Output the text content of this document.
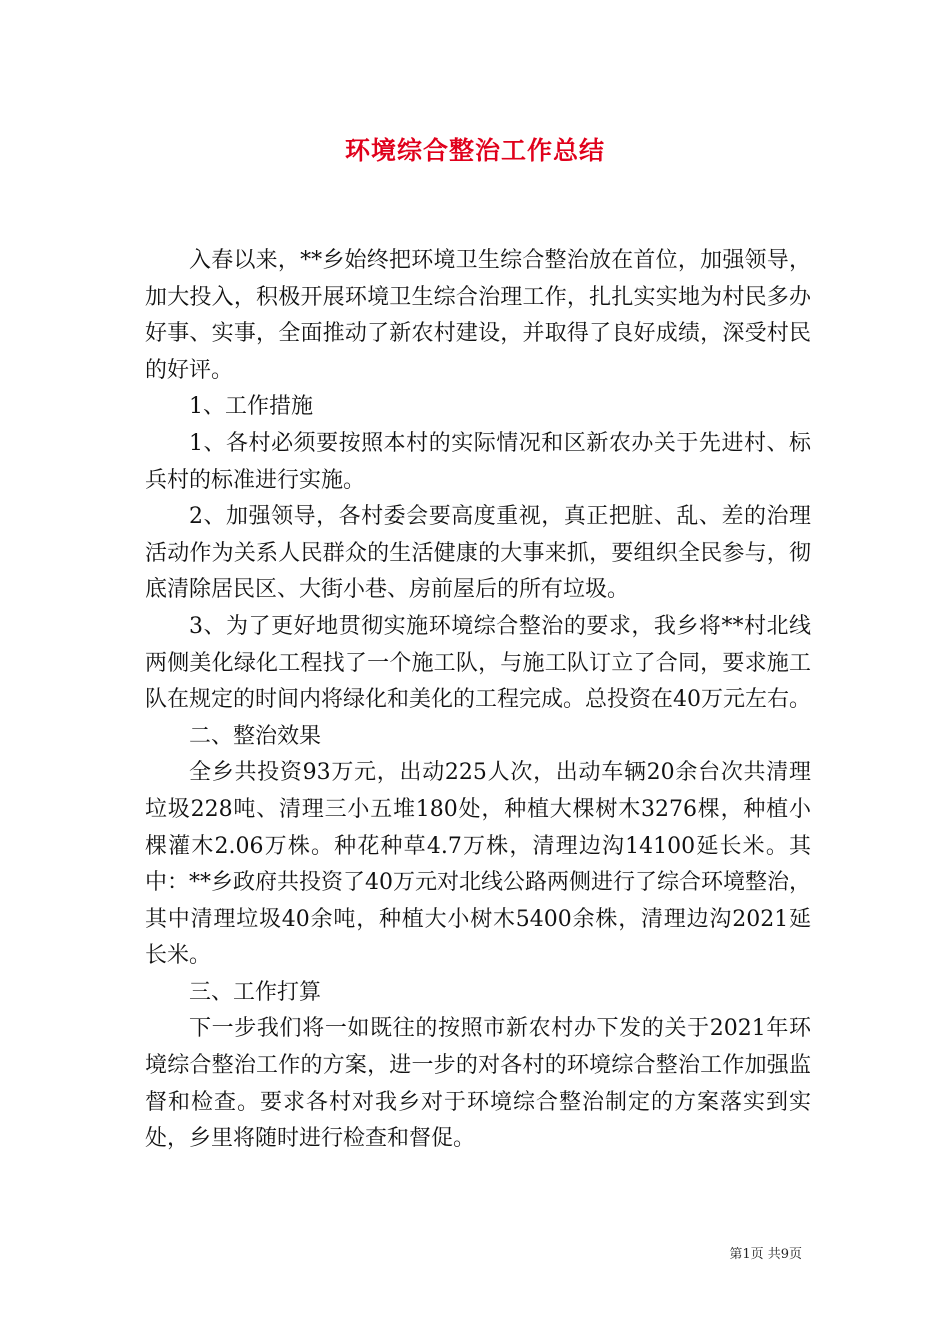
环境综合整治工作总结

入春以来，**乡始终把环境卫生综合整治放在首位，加强领导，加大投入，积极开展环境卫生综合治理工作，扎扎实实地为村民多办好事、实事，全面推动了新农村建设，并取得了良好成绩，深受村民的好评。

1、工作措施

1、各村必须要按照本村的实际情况和区新农办关于先进村、标兵村的标准进行实施。

2、加强领导，各村委会要高度重视，真正把脏、乱、差的治理活动作为关系人民群众的生活健康的大事来抓，要组织全民参与，彻底清除居民区、大街小巷、房前屋后的所有垃圾。

3、为了更好地贯彻实施环境综合整治的要求，我乡将**村北线两侧美化绿化工程找了一个施工队，与施工队订立了合同，要求施工队在规定的时间内将绿化和美化的工程完成。总投资在40万元左右。

二、整治效果

全乡共投资93万元，出动225人次，出动车辆20余台次共清理垃圾228吨、清理三小五堆180处，种植大棵树木3276棵，种植小棵灌木2.06万株。种花种草4.7万株，清理边沟14100延长米。其中：**乡政府共投资了40万元对北线公路两侧进行了综合环境整治，其中清理垃圾40余吨，种植大小树木5400余株，清理边沟2021延长米。

三、工作打算

下一步我们将一如既往的按照市新农村办下发的关于2021年环境综合整治工作的方案，进一步的对各村的环境综合整治工作加强监督和检查。要求各村对我乡对于环境综合整治制定的方案落实到实处，乡里将随时进行检查和督促。

第1页 共9页
